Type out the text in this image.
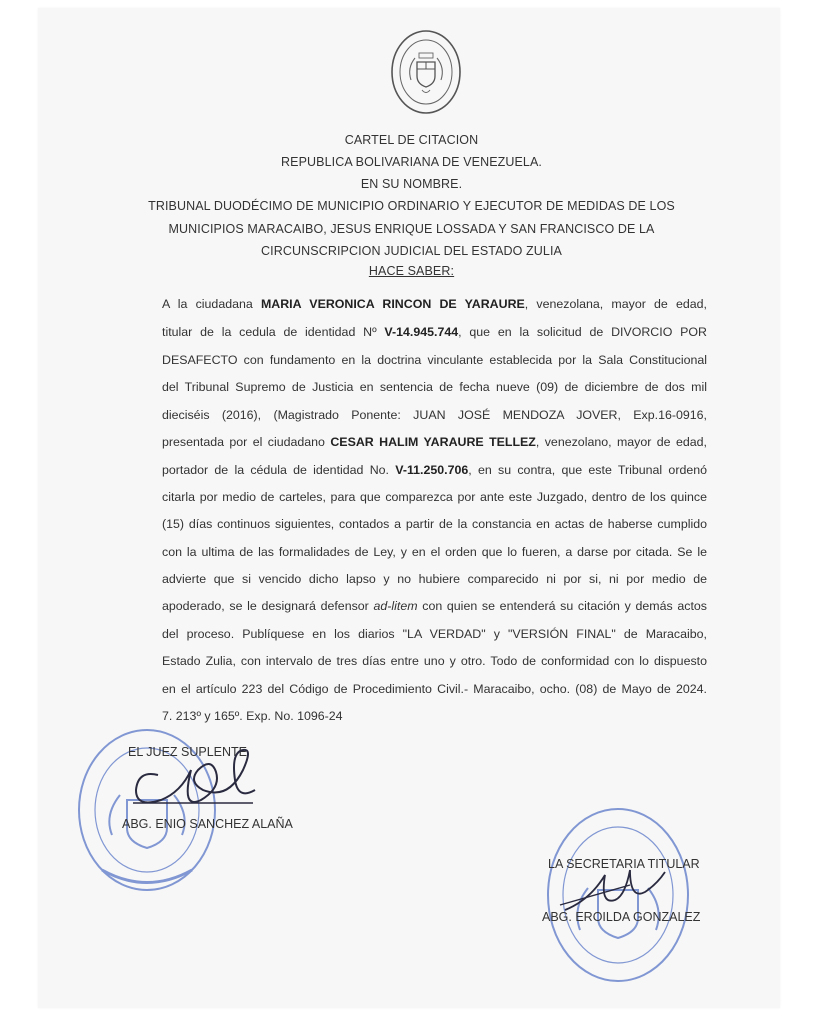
CARTEL DE CITACION
REPUBLICA BOLIVARIANA DE VENEZUELA.
EN SU NOMBRE.
TRIBUNAL DUODÉCIMO DE MUNICIPIO ORDINARIO Y EJECUTOR DE MEDIDAS DE LOS
MUNICIPIOS MARACAIBO, JESUS ENRIQUE LOSSADA Y SAN FRANCISCO DE LA
CIRCUNSCRIPCION JUDICIAL DEL ESTADO ZULIA
HACE SABER:
A la ciudadana MARIA VERONICA RINCON DE YARAURE, venezolana, mayor de edad,
titular de la cedula de identidad Nº V-14.945.744, que en la solicitud de DIVORCIO POR
DESAFECTO con fundamento en la doctrina vinculante establecida por la Sala Constitucional
del Tribunal Supremo de Justicia en sentencia de fecha nueve (09) de diciembre de dos mil
dieciséis (2016), (Magistrado Ponente: JUAN JOSÉ MENDOZA JOVER, Exp.16-0916,
presentada por el ciudadano CESAR HALIM YARAURE TELLEZ, venezolano, mayor de edad,
portador de la cédula de identidad No. V-11.250.706, en su contra, que este Tribunal ordenó
citarla por medio de carteles, para que comparezca por ante este Juzgado, dentro de los quince
(15) días continuos siguientes, contados a partir de la constancia en actas de haberse cumplido
con la ultima de las formalidades de Ley, y en el orden que lo fueren, a darse por citada. Se le
advierte que si vencido dicho lapso y no hubiere comparecido ni por si, ni por medio de
apoderado, se le designará defensor ad-litem con quien se entenderá su citación y demás actos
del proceso. Publíquese en los diarios "LA VERDAD" y "VERSIÓN FINAL" de Maracaibo,
Estado Zulia, con intervalo de tres días entre uno y otro. Todo de conformidad con lo dispuesto
en el artículo 223 del Código de Procedimiento Civil.- Maracaibo, ocho. (08) de Mayo de 2024.
7. 213º y 165º. Exp. No. 1096-24
EL JUEZ SUPLENTE
ABG. ENIO SANCHEZ ALAÑA
LA SECRETARIA TITULAR
ABG. EROILDA GONZALEZ
